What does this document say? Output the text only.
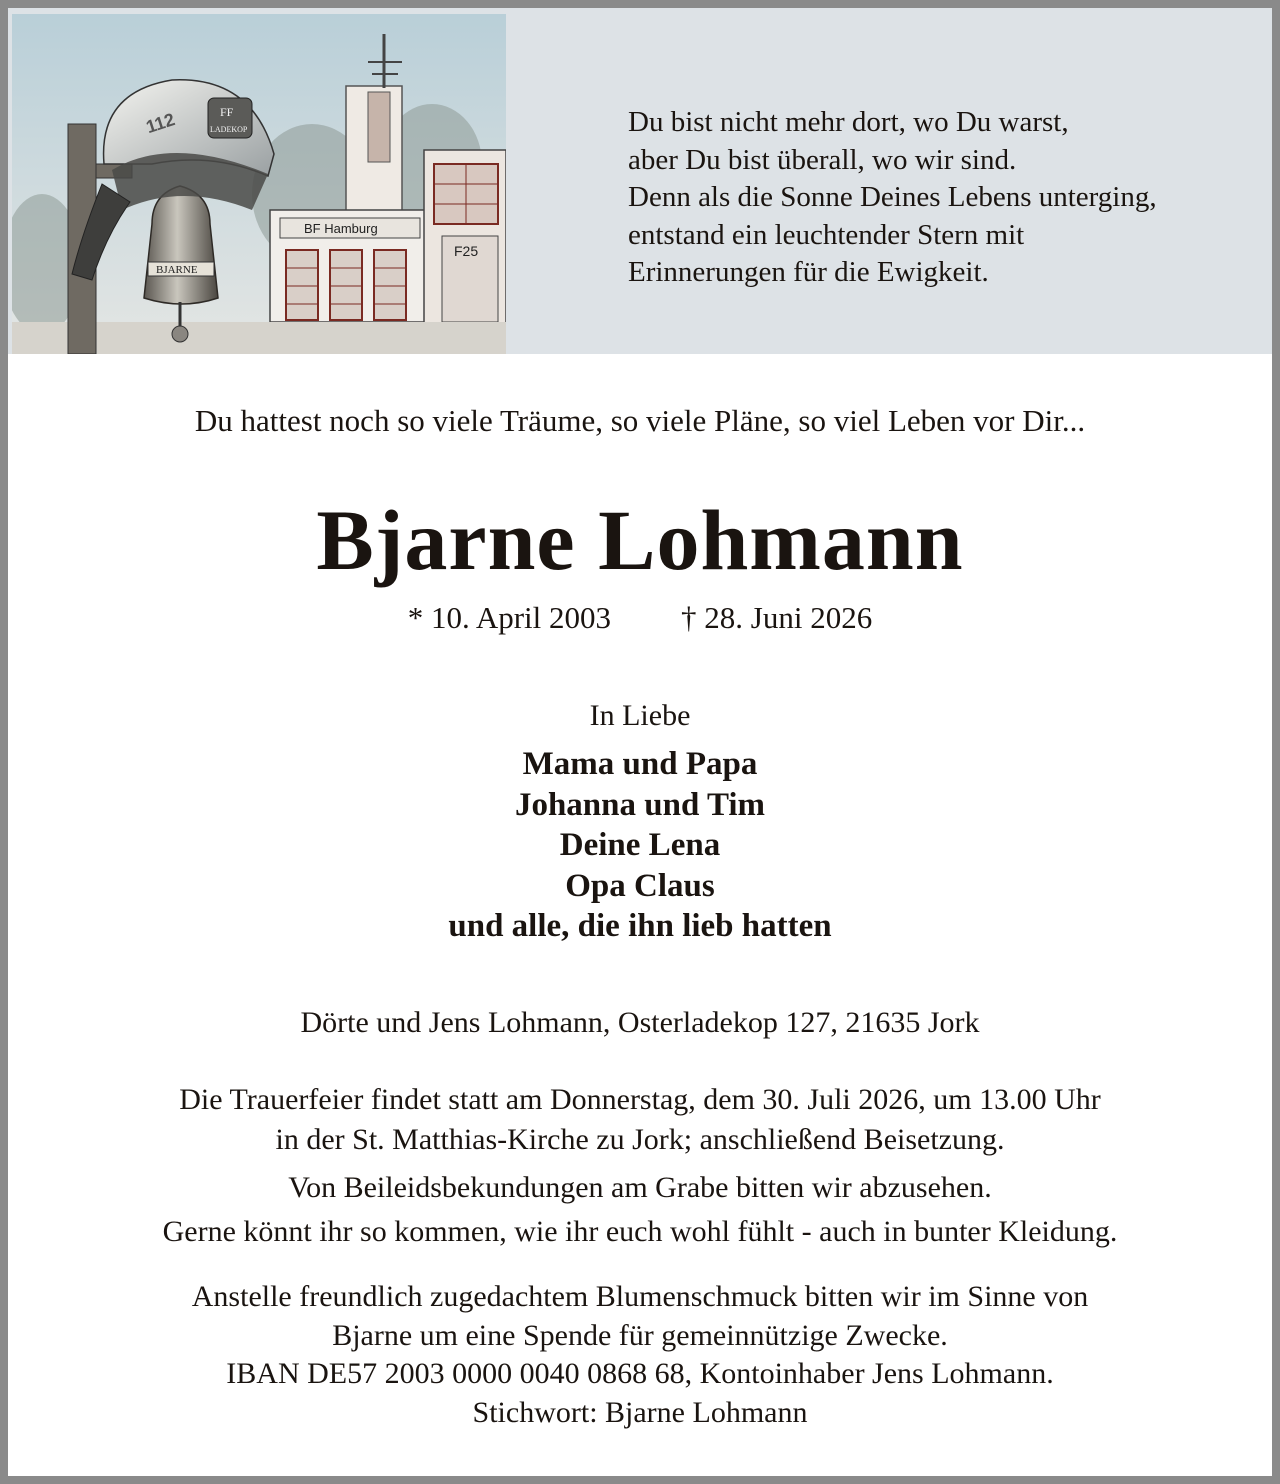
BF Hamburg
F25
BJARNE
FF
LADEKOP
112	Du bist nicht mehr dort, wo Du warst,
aber Du bist überall, wo wir sind.
Denn als die Sonne Deines Lebens unterging,
entstand ein leuchtender Stern mit
Erinnerungen für die Ewigkeit.
Du hattest noch so viele Träume, so viele Pläne, so viel Leben vor Dir...
Bjarne Lohmann
* 10. April 2003 † 28. Juni 2026
In Liebe
Mama und Papa
Johanna und Tim
Deine Lena
Opa Claus
und alle, die ihn lieb hatten
Dörte und Jens Lohmann, Osterladekop 127, 21635 Jork
Die Trauerfeier findet statt am Donnerstag, dem 30. Juli 2026, um 13.00 Uhr
in der St. Matthias-Kirche zu Jork; anschließend Beisetzung.
Von Beileidsbekundungen am Grabe bitten wir abzusehen.
Gerne könnt ihr so kommen, wie ihr euch wohl fühlt - auch in bunter Kleidung.
Anstelle freundlich zugedachtem Blumenschmuck bitten wir im Sinne von
Bjarne um eine Spende für gemeinnützige Zwecke.
IBAN DE57 2003 0000 0040 0868 68, Kontoinhaber Jens Lohmann.
Stichwort: Bjarne Lohmann
